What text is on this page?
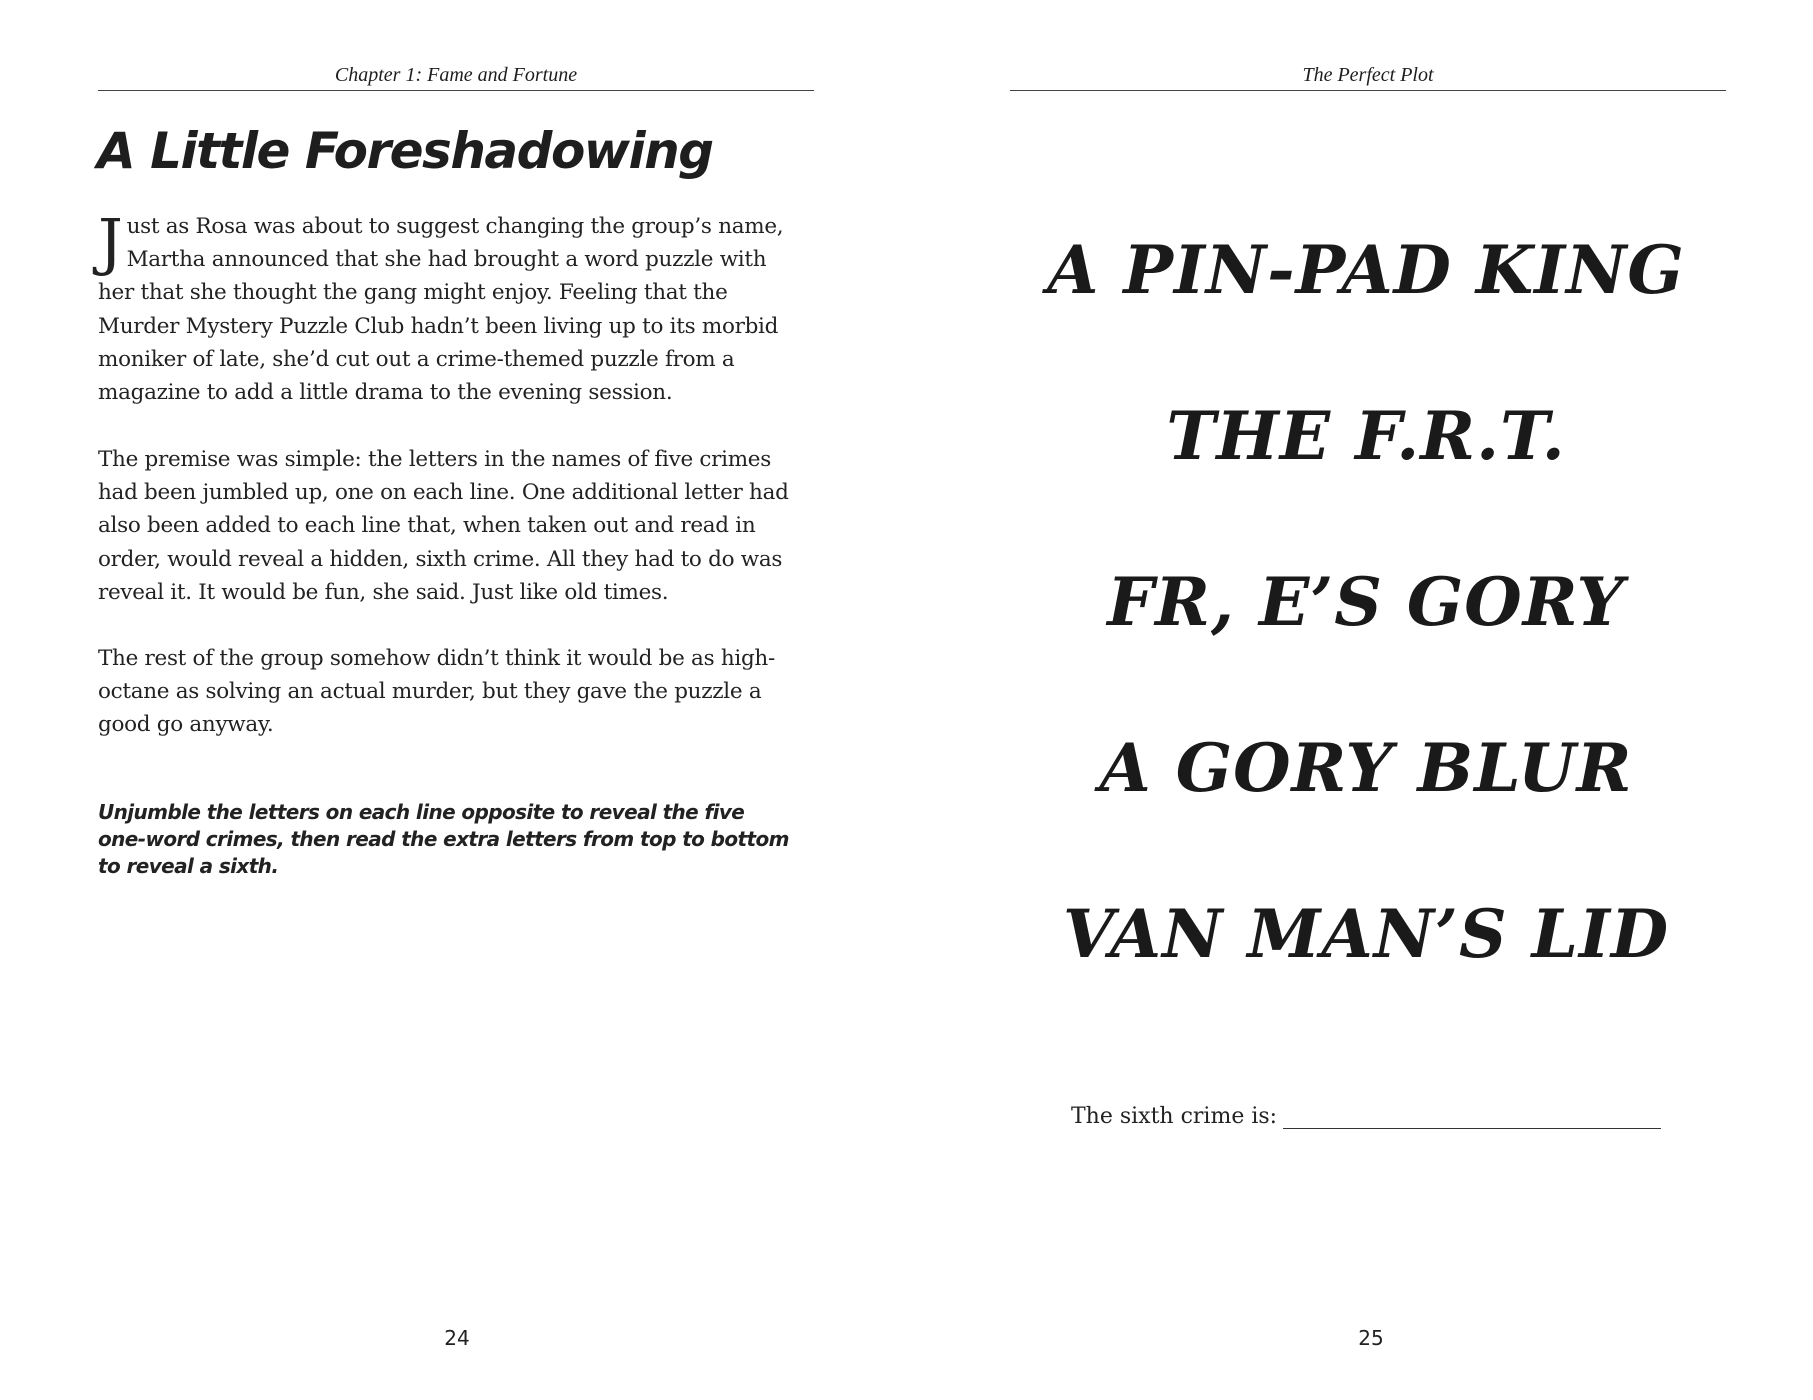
Chapter 1: Fame and Fortune
A Little Foreshadowing

Just as Rosa was about to suggest changing the group’s name, Martha announced that she had brought a word puzzle with her that she thought the gang might enjoy. Feeling that the Murder Mystery Puzzle Club hadn’t been living up to its morbid moniker of late, she’d cut out a crime-themed puzzle from a magazine to add a little drama to the evening session.

The premise was simple: the letters in the names of five crimes had been jumbled up, one on each line. One additional letter had also been added to each line that, when taken out and read in order, would reveal a hidden, sixth crime. All they had to do was reveal it. It would be fun, she said. Just like old times.

The rest of the group somehow didn’t think it would be as high-octane as solving an actual murder, but they gave the puzzle a good go anyway.

Unjumble the letters on each line opposite to reveal the five one-word crimes, then read the extra letters from top to bottom to reveal a sixth.

24
The Perfect Plot
A PIN-PAD KING
THE F.R.T.
FR, E’S GORY
A GORY BLUR
VAN MAN’S LID
The sixth crime is:
25
